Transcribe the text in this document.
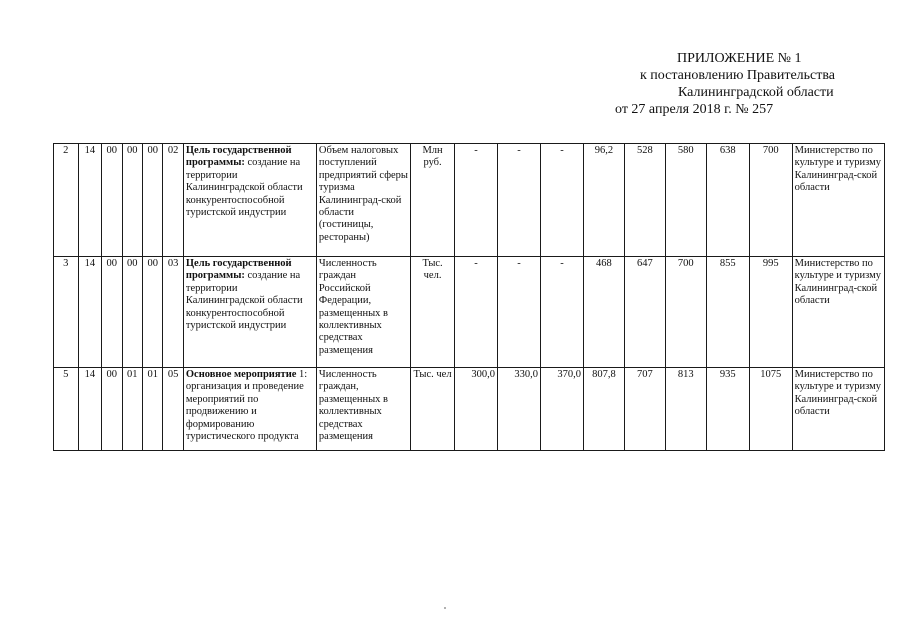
ПРИЛОЖЕНИЕ № 1
к постановлению Правительства
Калининградской области
от 27 апреля 2018 г. № 257
2	14	00	00	00	02	Цель государственной программы: создание на территории Калининградской области конкурентоспособной туристской индустрии	Объем налоговых поступлений предприятий сферы туризма Калининград-ской области (гостиницы, рестораны)	Млн руб.	-	-	-	96,2	528	580	638	700	Министерство по культуре и туризму Калининград-ской области
3	14	00	00	00	03	Цель государственной программы: создание на территории Калининградской области конкурентоспособной туристской индустрии	Численность граждан Российской Федерации, размещенных в коллективных средствах размещения	Тыс. чел.	-	-	-	468	647	700	855	995	Министерство по культуре и туризму Калининград-ской области
5	14	00	01	01	05	Основное мероприятие 1: организация и проведение мероприятий по продвижению и формированию туристического продукта	Численность граждан, размещенных в коллективных средствах размещения	Тыс. чел	300,0	330,0	370,0	807,8	707	813	935	1075	Министерство по культуре и туризму Калининград-ской области
